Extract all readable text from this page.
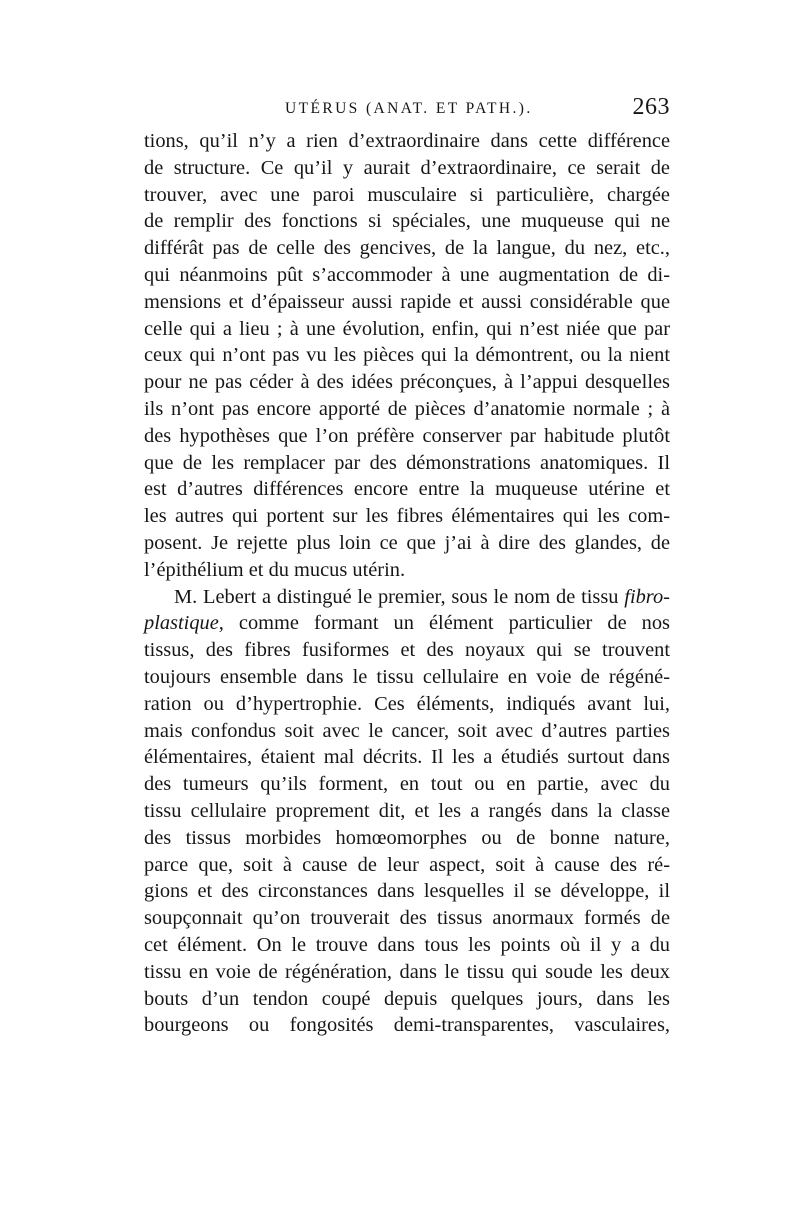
UTÉRUS (ANAT. ET PATH.).	263
tions, qu’il n’y a rien d’extraordinaire dans cette différence
de structure. Ce qu’il y aurait d’extraordinaire, ce serait de
trouver, avec une paroi musculaire si particulière, chargée
de remplir des fonctions si spéciales, une muqueuse qui ne
différât pas de celle des gencives, de la langue, du nez, etc.,
qui néanmoins pût s’accommoder à une augmentation de di-
mensions et d’épaisseur aussi rapide et aussi considérable que
celle qui a lieu ; à une évolution, enfin, qui n’est niée que par
ceux qui n’ont pas vu les pièces qui la démontrent, ou la nient
pour ne pas céder à des idées préconçues, à l’appui desquelles
ils n’ont pas encore apporté de pièces d’anatomie normale ; à
des hypothèses que l’on préfère conserver par habitude plutôt
que de les remplacer par des démonstrations anatomiques. Il
est d’autres différences encore entre la muqueuse utérine et
les autres qui portent sur les fibres élémentaires qui les com-
posent. Je rejette plus loin ce que j’ai à dire des glandes, de
l’épithélium et du mucus utérin.
M. Lebert a distingué le premier, sous le nom de tissu fibro-
plastique, comme formant un élément particulier de nos
tissus, des fibres fusiformes et des noyaux qui se trouvent
toujours ensemble dans le tissu cellulaire en voie de régéné-
ration ou d’hypertrophie. Ces éléments, indiqués avant lui,
mais confondus soit avec le cancer, soit avec d’autres parties
élémentaires, étaient mal décrits. Il les a étudiés surtout dans
des tumeurs qu’ils forment, en tout ou en partie, avec du
tissu cellulaire proprement dit, et les a rangés dans la classe
des tissus morbides homœomorphes ou de bonne nature,
parce que, soit à cause de leur aspect, soit à cause des ré-
gions et des circonstances dans lesquelles il se développe, il
soupçonnait qu’on trouverait des tissus anormaux formés de
cet élément. On le trouve dans tous les points où il y a du
tissu en voie de régénération, dans le tissu qui soude les deux
bouts d’un tendon coupé depuis quelques jours, dans les
bourgeons ou fongosités demi-transparentes, vasculaires,
